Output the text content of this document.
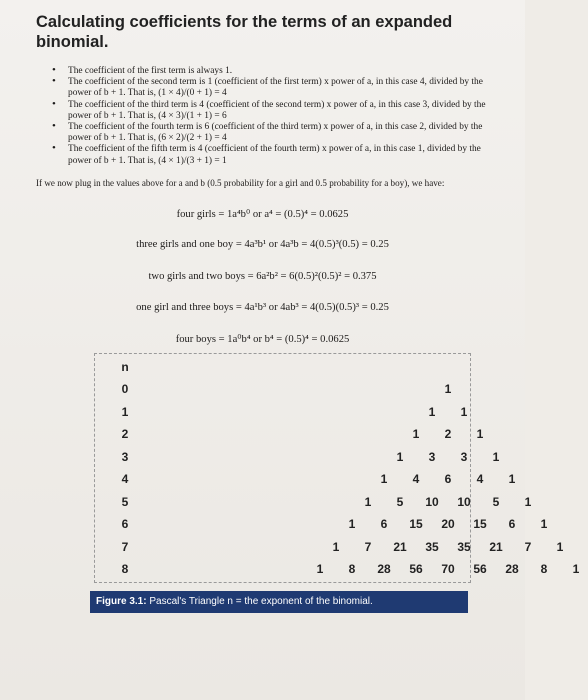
Calculating coefficients for the terms of an expanded binomial.
• The coefficient of the first term is always 1.
• The coefficient of the second term is 1 (coefficient of the first term) x power of a, in this case 4, divided by the power of b + 1. That is, (1 × 4)/(0 + 1) = 4
• The coefficient of the third term is 4 (coefficient of the second term) x power of a, in this case 3, divided by the power of b + 1. That is, (4 × 3)/(1 + 1) = 6
• The coefficient of the fourth term is 6 (coefficient of the third term) x power of a, in this case 2, divided by the power of b + 1. That is, (6 × 2)/(2 + 1) = 4
• The coefficient of the fifth term is 4 (coefficient of the fourth term) x power of a, in this case 1, divided by the power of b + 1. That is, (4 × 1)/(3 + 1) = 1
If we now plug in the values above for a and b (0.5 probability for a girl and 0.5 probability for a boy), we have:
four girls = 1a⁴b⁰ or a⁴ = (0.5)⁴ = 0.0625
three girls and one boy = 4a³b¹ or 4a³b = 4(0.5)³(0.5) = 0.25
two girls and two boys = 6a²b² = 6(0.5)²(0.5)² = 0.375
one girl and three boys = 4a¹b³ or 4ab³ = 4(0.5)(0.5)³ = 0.25
four boys = 1a⁰b⁴ or b⁴ = (0.5)⁴ = 0.0625
n
0	1
1	1	1
2	1	2	1
3	1	3	3	1
4	1	4	6	4	1
5	1	5	10	10	5	1
6	1	6	15	20	15	6	1
7	1	7	21	35	35	21	7	1
8	1	8	28	56	70	56	28	8	1
Figure 3.1: Pascal's Triangle n = the exponent of the binomial.
